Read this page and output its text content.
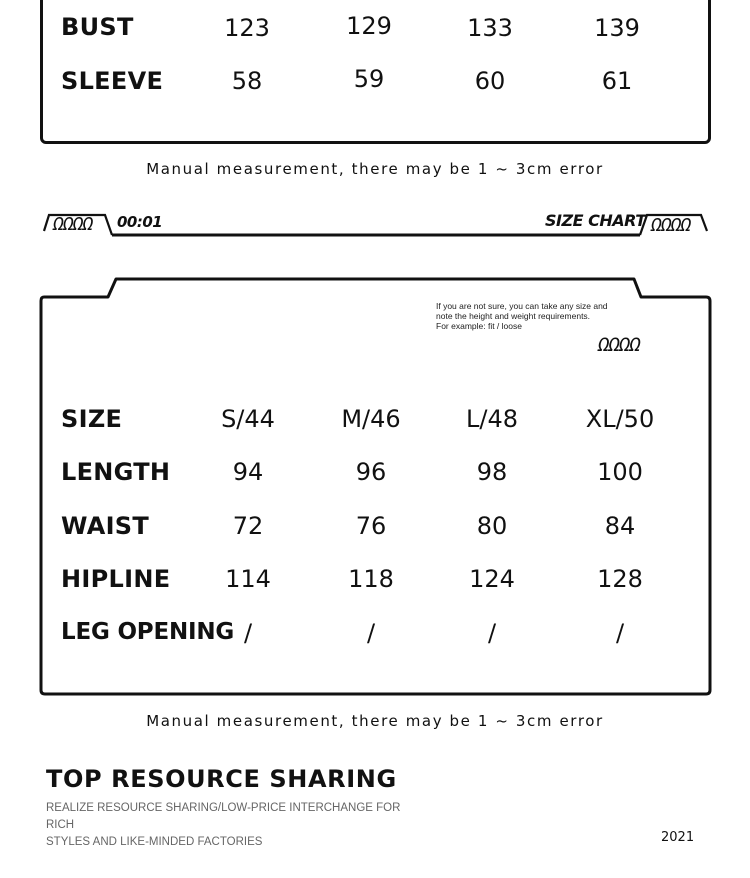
BUST	123	129	133	139
SLEEVE	58	59	60	61
Manual measurement, there may be 1 ~ 3cm error
ΩΩΩΩ 00:01	SIZE CHART ΩΩΩΩ
If you are not sure, you can take any size and
note the height and weight requirements.
For example: fit / loose
ΩΩΩΩ
SIZE	S/44	M/46	L/48	XL/50
LENGTH	94	96	98	100
WAIST	72	76	80	84
HIPLINE	114	118	124	128
LEG OPENING /	/	/	/
Manual measurement, there may be 1 ~ 3cm error
TOP RESOURCE SHARING
REALIZE RESOURCE SHARING/LOW-PRICE INTERCHANGE FOR RICH
STYLES AND LIKE-MINDED FACTORIES	2021
